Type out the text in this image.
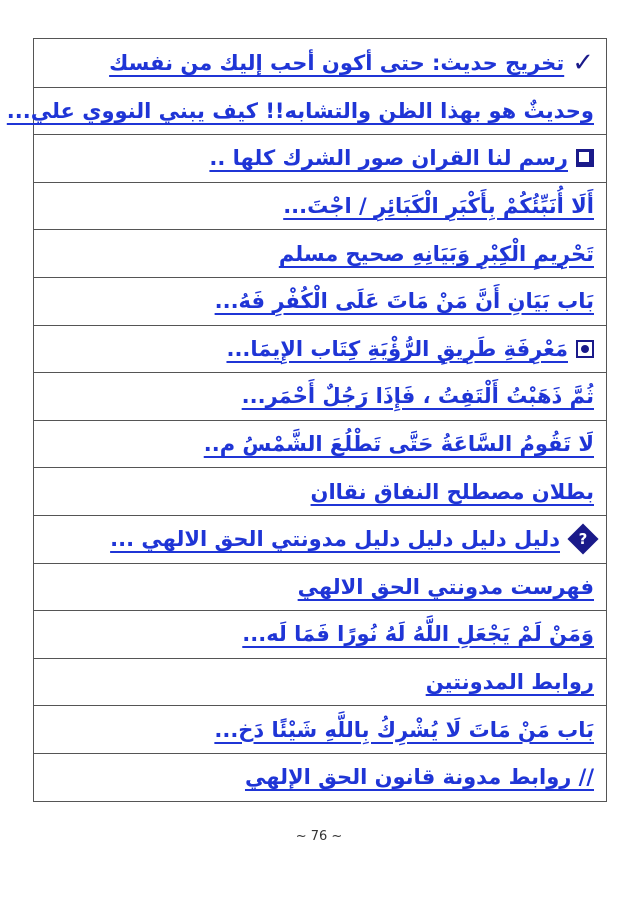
✓
تخريج حديث: حتى أكون أحب إليك من نفسك
وحديثٌ هو بهذا الظن والتشابه!! كيف يبني النووي علي...
رسم لنا القران صور الشرك كلها ..
أَلَا أُنَبِّئُكُمْ بِأَكْبَرِ الْكَبَائِرِ / اجْتَ...
تَحْرِيمِ الْكِبْرِ وَبَيَانِهِ صحيح مسلم
بَاب بَيَانِ أَنَّ مَنْ مَاتَ عَلَى الْكُفْرِ فَهُ...
مَعْرِفَةِ طَرِيقِ الرُّؤْيَةِ كِتَاب الإِيمَا...
ثُمَّ ذَهَبْتُ أَلْتَفِتُ ، فَإِذَا رَجُلٌ أَحْمَر...
لَا تَقُومُ السَّاعَةُ حَتَّى تَطْلُعَ الشَّمْسُ م..
بطلان مصطلح النفاق نقاان
?
دليل دليل دليل دليل مدونتي الحق الالهي ...
فهرست مدونتي الحق الالهي
وَمَنْ لَمْ يَجْعَلِ اللَّهُ لَهُ نُورًا فَمَا لَه...
روابط المدونتين
بَاب مَنْ مَاتَ لَا يُشْرِكُ بِاللَّهِ شَيْئًا دَخ...
// روابط مدونة قانون الحق الإلهي
~ 76 ~
